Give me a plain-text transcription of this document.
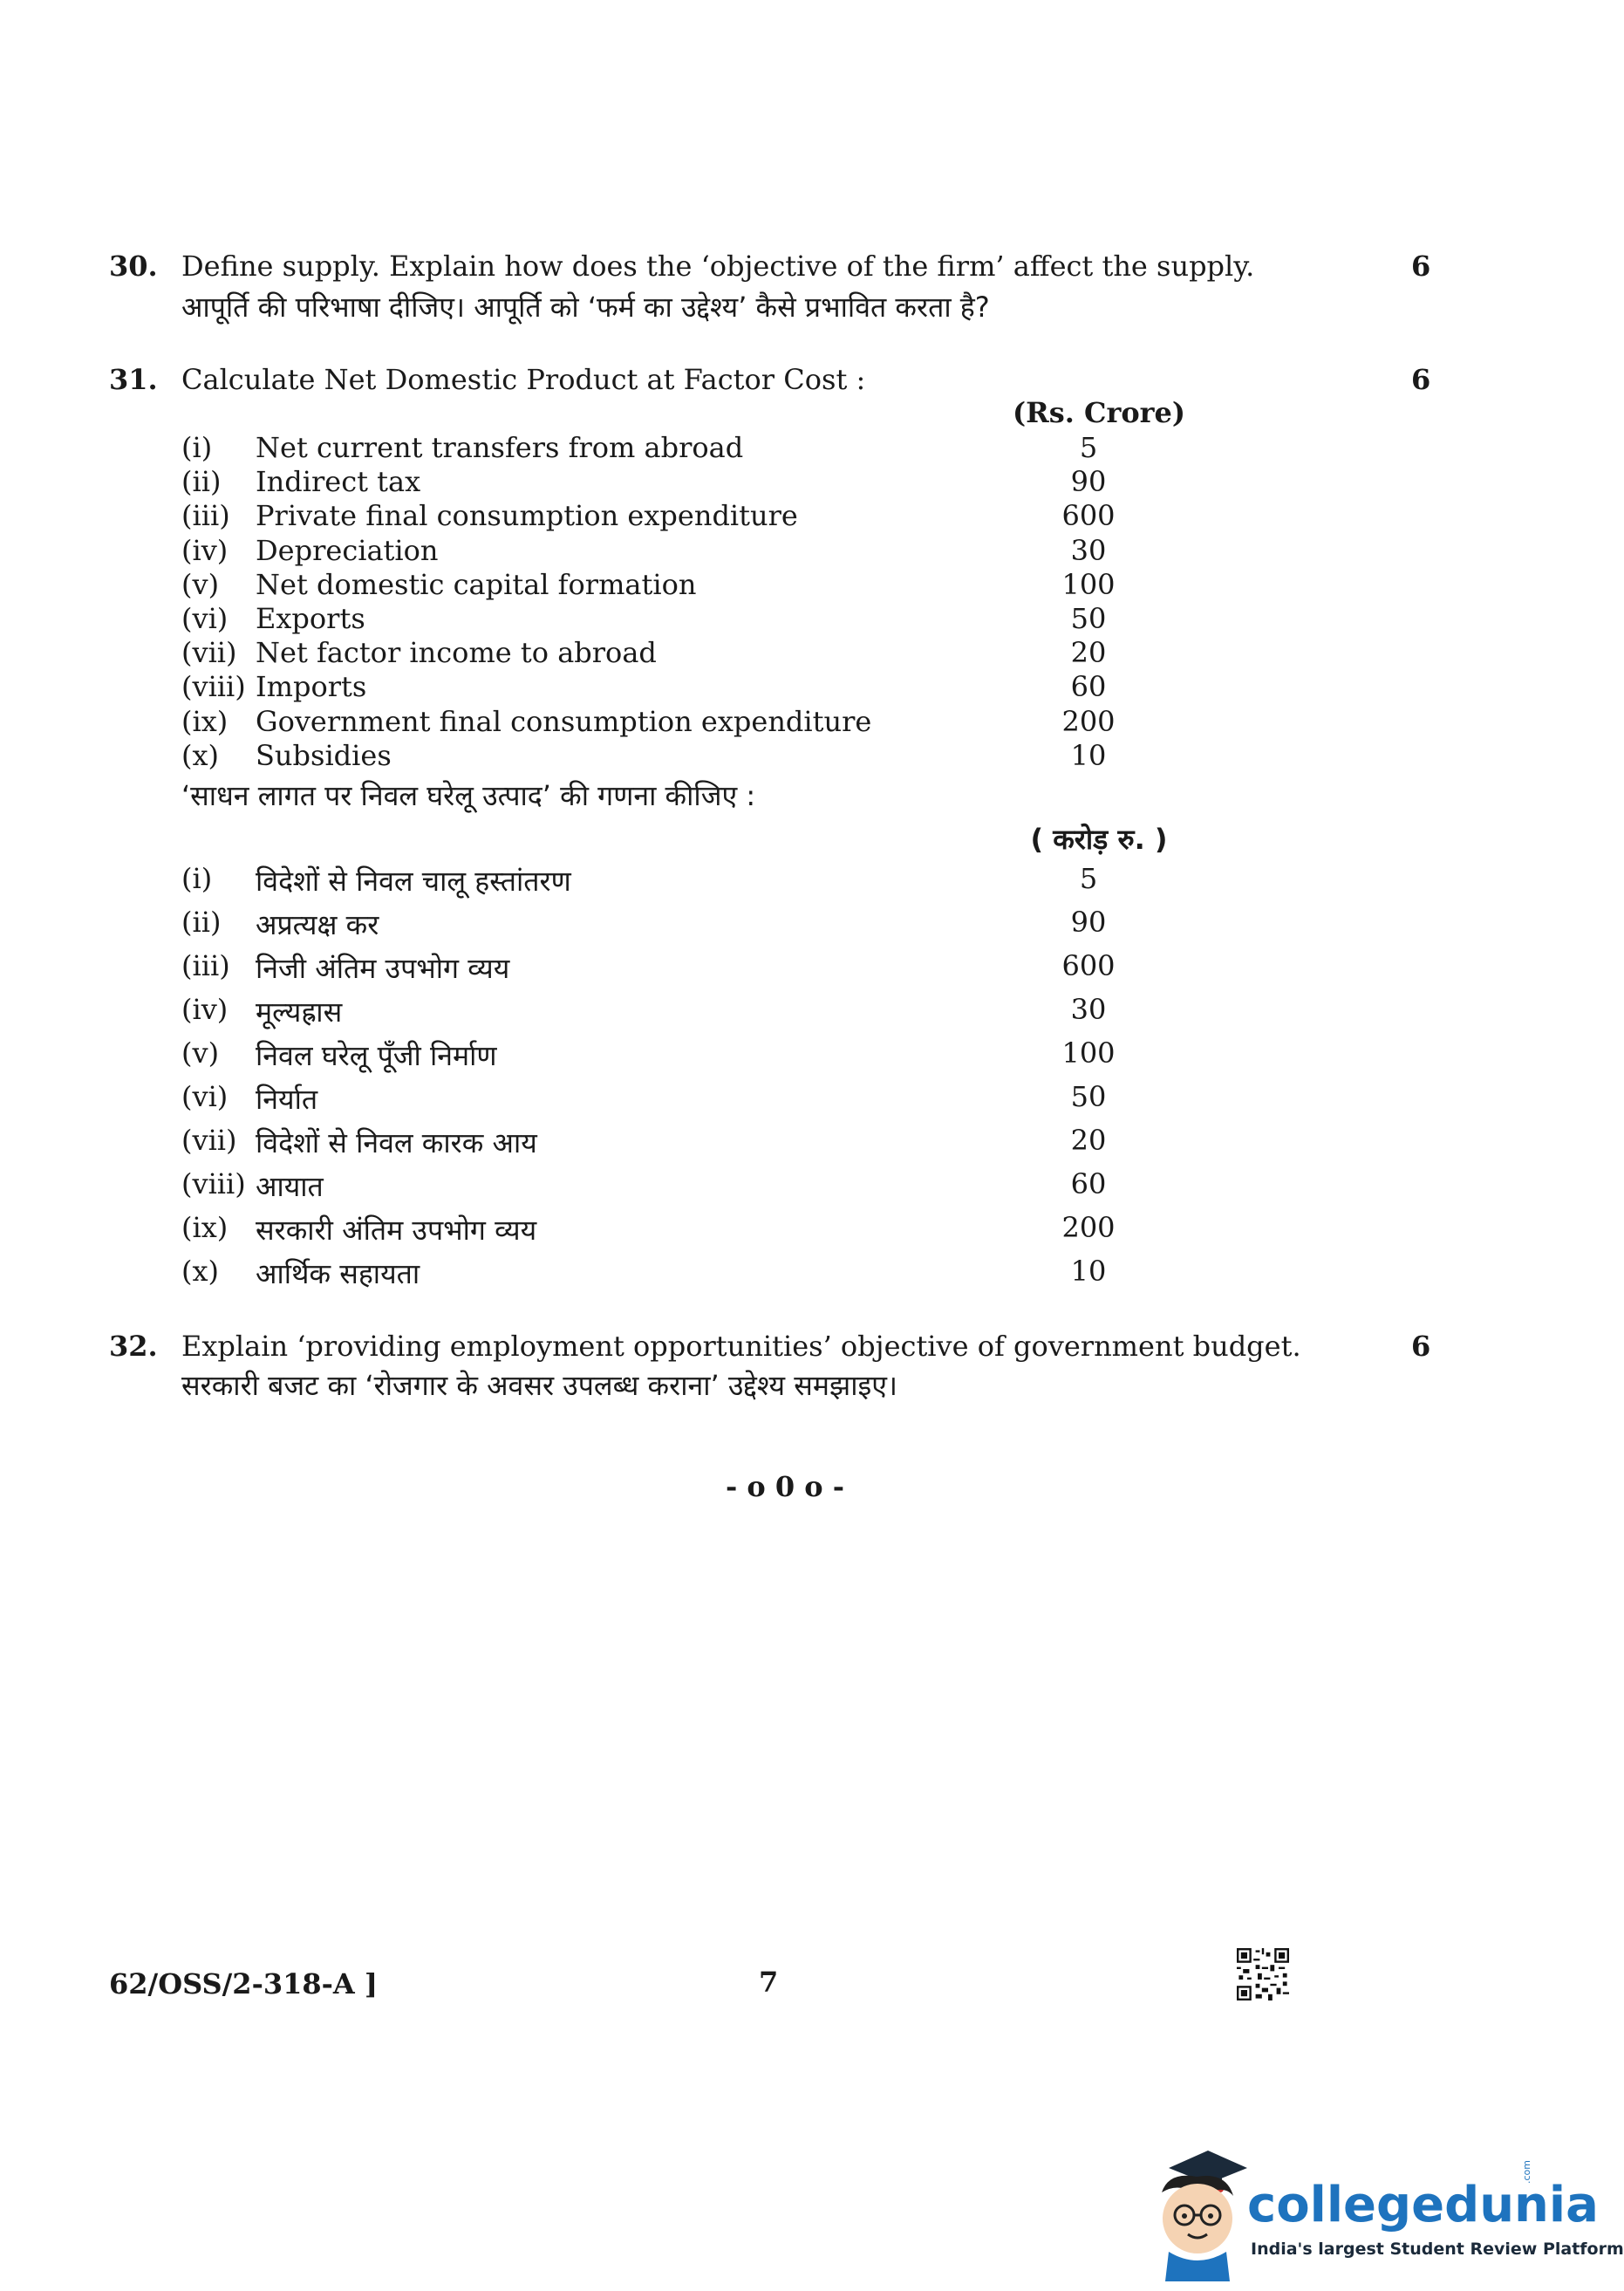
30. Define supply. Explain how does the ‘objective of the firm’ affect the supply.	6
आपूर्ति की परिभाषा दीजिए। आपूर्ति को ‘फर्म का उद्देश्य’ कैसे प्रभावित करता है?
31. Calculate Net Domestic Product at Factor Cost :	6
(Rs. Crore)
(i) Net current transfers from abroad	5
(ii) Indirect tax	90
(iii) Private final consumption expenditure	600
(iv) Depreciation	30
(v) Net domestic capital formation	100
(vi) Exports	50
(vii) Net factor income to abroad	20
(viii) Imports	60
(ix) Government final consumption expenditure	200
(x) Subsidies	10
‘साधन लागत पर निवल घरेलू उत्पाद’ की गणना कीजिए :
( करोड़ रु. )
(i) विदेशों से निवल चालू हस्तांतरण	5
(ii) अप्रत्यक्ष कर	90
(iii) निजी अंतिम उपभोग व्यय	600
(iv) मूल्यह्रास	30
(v) निवल घरेलू पूँजी निर्माण	100
(vi) निर्यात	50
(vii) विदेशों से निवल कारक आय	20
(viii) आयात	60
(ix) सरकारी अंतिम उपभोग व्यय	200
(x) आर्थिक सहायता	10
32. Explain ‘providing employment opportunities’ objective of government budget.	6
सरकारी बजट का ‘रोजगार के अवसर उपलब्ध कराना’ उद्देश्य समझाइए।
- o 0 o -
62/OSS/2-318-A ]	7
collegedunia
.com
India's largest Student Review Platform
